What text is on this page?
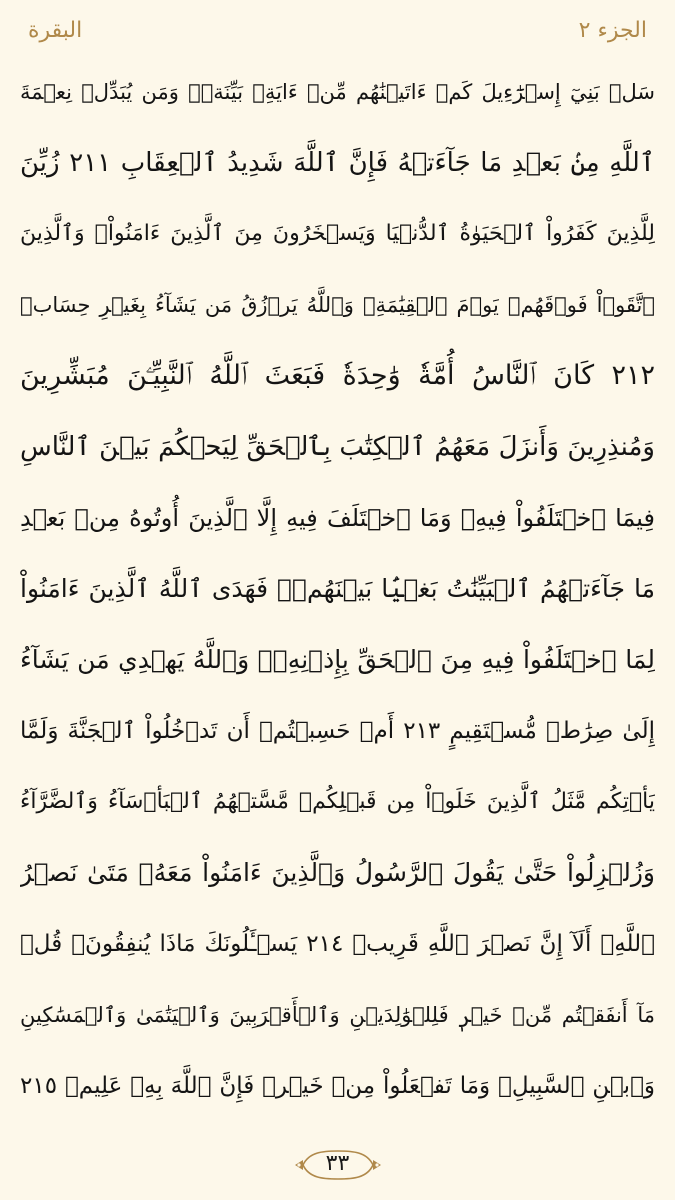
البقرة	الجزء ٢
سَلۡ بَنِيٓ إِسۡرَٰٓءِيلَ كَمۡ ءَاتَيۡنَٰهُم مِّنۡ ءَايَةِۭ بَيِّنَةٖۗ وَمَن يُبَدِّلۡ نِعۡمَةَ
ٱللَّهِ مِنۢ بَعۡدِ مَا جَآءَتۡهُ فَإِنَّ ٱللَّهَ شَدِيدُ ٱلۡعِقَابِ ٢١١ زُيِّنَ
لِلَّذِينَ كَفَرُواْ ٱلۡحَيَوٰةُ ٱلدُّنۡيَا وَيَسۡخَرُونَ مِنَ ٱلَّذِينَ ءَامَنُواْۘ وَٱلَّذِينَ
ٱتَّقَوۡاْ فَوۡقَهُمۡ يَوۡمَ ٱلۡقِيَٰمَةِۗ وَٱللَّهُ يَرۡزُقُ مَن يَشَآءُ بِغَيۡرِ حِسَابٖ
٢١٢ كَانَ ٱلنَّاسُ أُمَّةٗ وَٰحِدَةٗ فَبَعَثَ ٱللَّهُ ٱلنَّبِيِّـۧنَ مُبَشِّرِينَ
وَمُنذِرِينَ وَأَنزَلَ مَعَهُمُ ٱلۡكِتَٰبَ بِٱلۡحَقِّ لِيَحۡكُمَ بَيۡنَ ٱلنَّاسِ
فِيمَا ٱخۡتَلَفُواْ فِيهِۚ وَمَا ٱخۡتَلَفَ فِيهِ إِلَّا ٱلَّذِينَ أُوتُوهُ مِنۢ بَعۡدِ
مَا جَآءَتۡهُمُ ٱلۡبَيِّنَٰتُ بَغۡيَۢا بَيۡنَهُمۡۖ فَهَدَى ٱللَّهُ ٱلَّذِينَ ءَامَنُواْ
لِمَا ٱخۡتَلَفُواْ فِيهِ مِنَ ٱلۡحَقِّ بِإِذۡنِهِۦۗ وَٱللَّهُ يَهۡدِي مَن يَشَآءُ
إِلَىٰ صِرَٰطٖ مُّسۡتَقِيمٍ ٢١٣ أَمۡ حَسِبۡتُمۡ أَن تَدۡخُلُواْ ٱلۡجَنَّةَ وَلَمَّا
يَأۡتِكُم مَّثَلُ ٱلَّذِينَ خَلَوۡاْ مِن قَبۡلِكُمۖ مَّسَّتۡهُمُ ٱلۡبَأۡسَآءُ وَٱلضَّرَّآءُ
وَزُلۡزِلُواْ حَتَّىٰ يَقُولَ ٱلرَّسُولُ وَٱلَّذِينَ ءَامَنُواْ مَعَهُۥ مَتَىٰ نَصۡرُ
ٱللَّهِۗ أَلَآ إِنَّ نَصۡرَ ٱللَّهِ قَرِيبٞ ٢١٤ يَسۡـَٔلُونَكَ مَاذَا يُنفِقُونَۖ قُلۡ
مَآ أَنفَقۡتُم مِّنۡ خَيۡرٖ فَلِلۡوَٰلِدَيۡنِ وَٱلۡأَقۡرَبِينَ وَٱلۡيَتَٰمَىٰ وَٱلۡمَسَٰكِينِ
وَٱبۡنِ ٱلسَّبِيلِۗ وَمَا تَفۡعَلُواْ مِنۡ خَيۡرٖ فَإِنَّ ٱللَّهَ بِهِۦ عَلِيمٞ ٢١٥
٣٣
